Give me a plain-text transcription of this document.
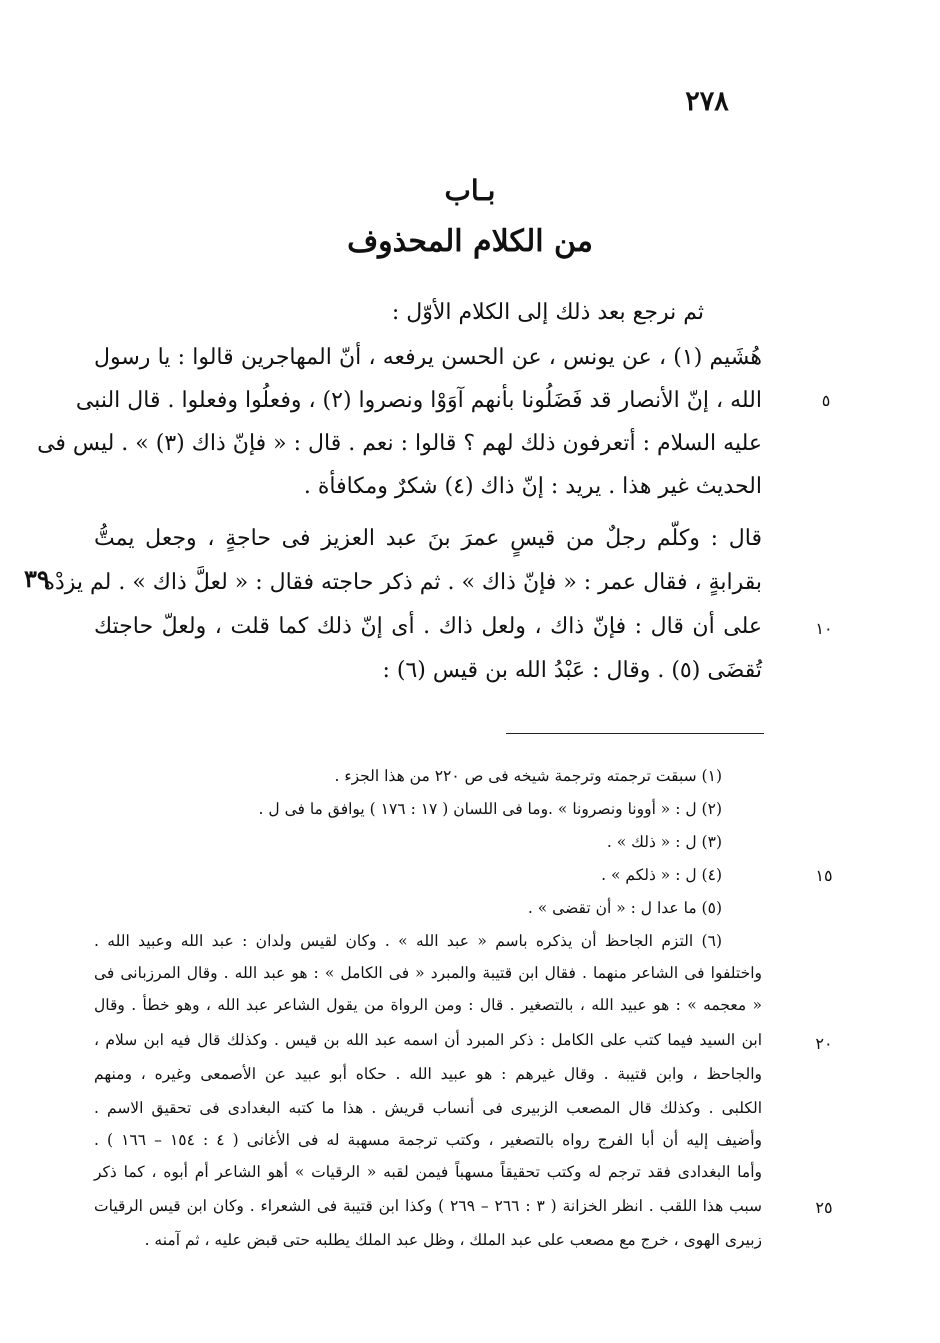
٢٧٨
بـاب
من الكلام المحذوف
ثم نرجع بعد ذلك إلى الكلام الأوّل :
هُشَيم (١) ، عن يونس ، عن الحسن يرفعه ، أنّ المهاجرين قالوا : يا رسول
الله ، إنّ الأنصار قد فَضَلُونا بأنهم آوَوْا ونصروا (٢) ، وفعلُوا وفعلوا . قال النبى
عليه السلام : أتعرفون ذلك لهم ؟ قالوا : نعم . قال : « فإنّ ذاك (٣) » . ليس فى
الحديث غير هذا . يريد : إنّ ذاك (٤) شكرٌ ومكافأة .
قال : وكلّم رجلٌ من قيسٍ عمرَ بنَ عبد العزيز فى حاجةٍ ، وجعل يمتُّ
بقرابةٍ ، فقال عمر : « فإنّ ذاك » . ثم ذكر حاجته فقال : « لعلَّ ذاك » . لم يزدْه
على أن قال : فإنّ ذاك ، ولعل ذاك . أى إنّ ذلك كما قلت ، ولعلّ حاجتك
تُقضَى (٥) . وقال : عَبْدُ الله بن قيس (٦) :
٥
١٠
١٥
٢٠
٢٥
٣٩
(١) سبقت ترجمته وترجمة شيخه فى ص ٢٢٠ من هذا الجزء .
(٢) ل : « أوونا ونصرونا » .وما فى اللسان ( ١٧ : ١٧٦ ) يوافق ما فى ل .
(٣) ل : « ذلك » .
(٤) ل : « ذلكم » .
(٥) ما عدا ل : « أن تقضى » .
(٦) التزم الجاحظ أن يذكره باسم « عبد الله » . وكان لقيس ولدان : عبد الله وعبيد الله .
واختلفوا فى الشاعر منهما . فقال ابن قتيبة والمبرد « فى الكامل » : هو عبد الله . وقال المرزبانى فى
« معجمه » : هو عبيد الله ، بالتصغير . قال : ومن الرواة من يقول الشاعر عبد الله ، وهو خطأ . وقال
ابن السيد فيما كتب على الكامل : ذكر المبرد أن اسمه عبد الله بن قيس . وكذلك قال فيه ابن سلام ،
والجاحظ ، وابن قتيبة . وقال غيرهم : هو عبيد الله . حكاه أبو عبيد عن الأصمعى وغيره ، ومنهم
الكلبى . وكذلك قال المصعب الزبيرى فى أنساب قريش . هذا ما كتبه البغدادى فى تحقيق الاسم .
وأضيف إليه أن أبا الفرج رواه بالتصغير ، وكتب ترجمة مسهبة له فى الأغانى ( ٤ : ١٥٤ – ١٦٦ ) .
وأما البغدادى فقد ترجم له وكتب تحقيقاً مسهباً فيمن لقبه « الرقيات » أهو الشاعر أم أبوه ، كما ذكر
سبب هذا اللقب . انظر الخزانة ( ٣ : ٢٦٦ – ٢٦٩ ) وكذا ابن قتيبة فى الشعراء . وكان ابن قيس الرقيات
زبيرى الهوى ، خرج مع مصعب على عبد الملك ، وظل عبد الملك يطلبه حتى قبض عليه ، ثم آمنه .
